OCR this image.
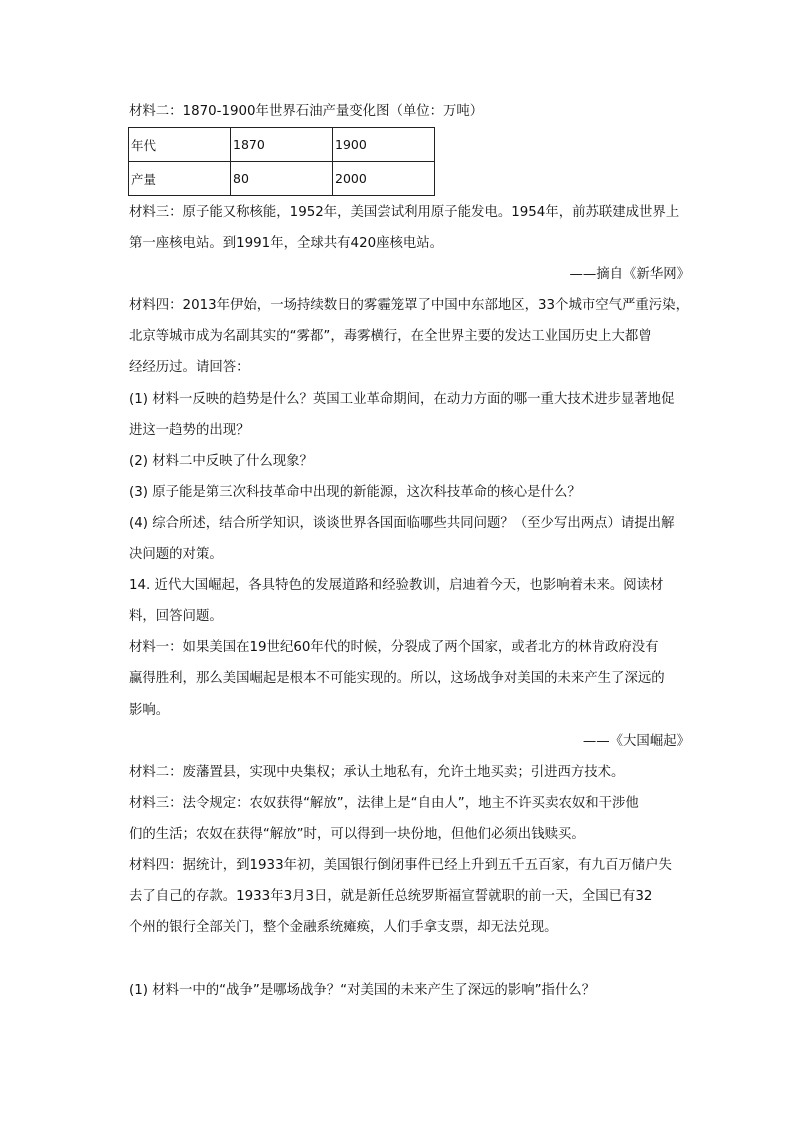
材料二：1870-1900年世界石油产量变化图（单位：万吨）
年代	1870	1900
产量	80	2000
材料三：原子能又称核能，1952年，美国尝试利用原子能发电。1954年，前苏联建成世界上
第一座核电站。到1991年，全球共有420座核电站。
——摘自《新华网》
材料四：2013年伊始，一场持续数日的雾霾笼罩了中国中东部地区，33个城市空气严重污染，
北京等城市成为名副其实的“雾都”，毒雾横行，在全世界主要的发达工业国历史上大都曾
经经历过。请回答：
(1) 材料一反映的趋势是什么？英国工业革命期间，在动力方面的哪一重大技术进步显著地促
进这一趋势的出现？
(2) 材料二中反映了什么现象？
(3) 原子能是第三次科技革命中出现的新能源，这次科技革命的核心是什么？
(4) 综合所述，结合所学知识，谈谈世界各国面临哪些共同问题？（至少写出两点）请提出解
决问题的对策。
14. 近代大国崛起，各具特色的发展道路和经验教训，启迪着今天，也影响着未来。阅读材
料，回答问题。
材料一：如果美国在19世纪60年代的时候，分裂成了两个国家，或者北方的林肯政府没有
赢得胜利，那么美国崛起是根本不可能实现的。所以，这场战争对美国的未来产生了深远的
影响。
——《大国崛起》
材料二：废藩置县，实现中央集权；承认土地私有，允许土地买卖；引进西方技术。
材料三：法令规定：农奴获得“解放”，法律上是“自由人”，地主不许买卖农奴和干涉他
们的生活；农奴在获得“解放”时，可以得到一块份地，但他们必须出钱赎买。
材料四：据统计，到1933年初，美国银行倒闭事件已经上升到五千五百家，有九百万储户失
去了自己的存款。1933年3月3日，就是新任总统罗斯福宣誓就职的前一天，全国已有32
个州的银行全部关门，整个金融系统瘫痪，人们手拿支票，却无法兑现。
(1) 材料一中的“战争”是哪场战争？“对美国的未来产生了深远的影响”指什么？
